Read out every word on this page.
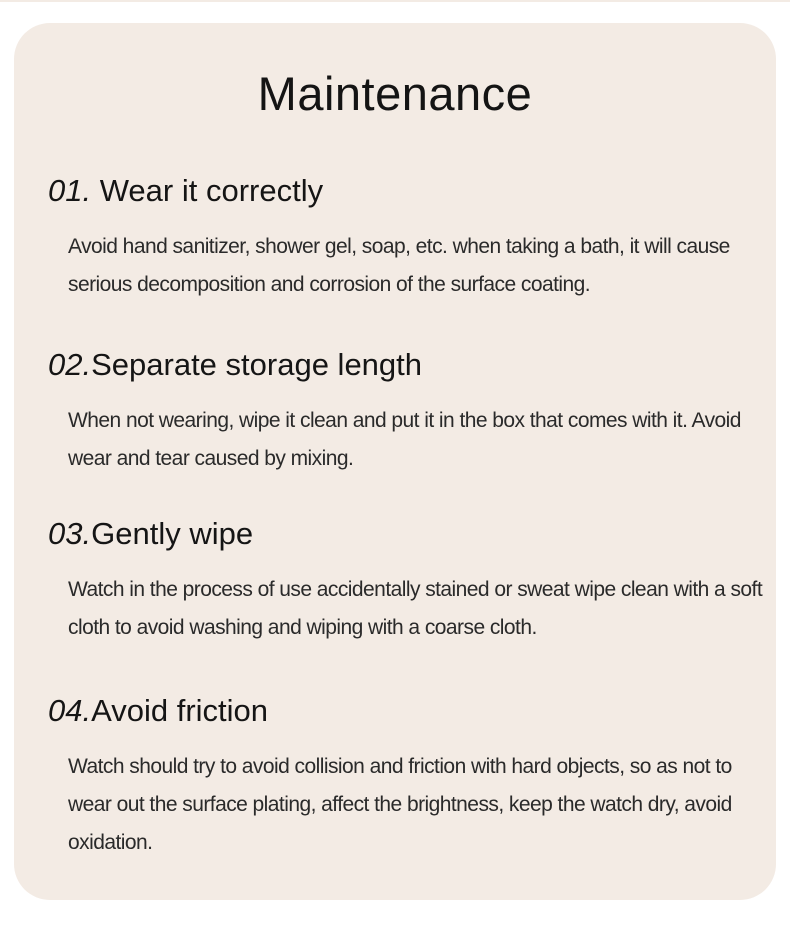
Maintenance
01. Wear it correctly

Avoid hand sanitizer, shower gel, soap, etc. when taking a bath, it will cause serious decomposition and corrosion of the surface coating.

02.Separate storage length

When not wearing, wipe it clean and put it in the box that comes with it. Avoid wear and tear caused by mixing.

03.Gently wipe

Watch in the process of use accidentally stained or sweat wipe clean with a soft cloth to avoid washing and wiping with a coarse cloth.

04.Avoid friction

Watch should try to avoid collision and friction with hard objects, so as not to wear out the surface plating, affect the brightness, keep the watch dry, avoid oxidation.
